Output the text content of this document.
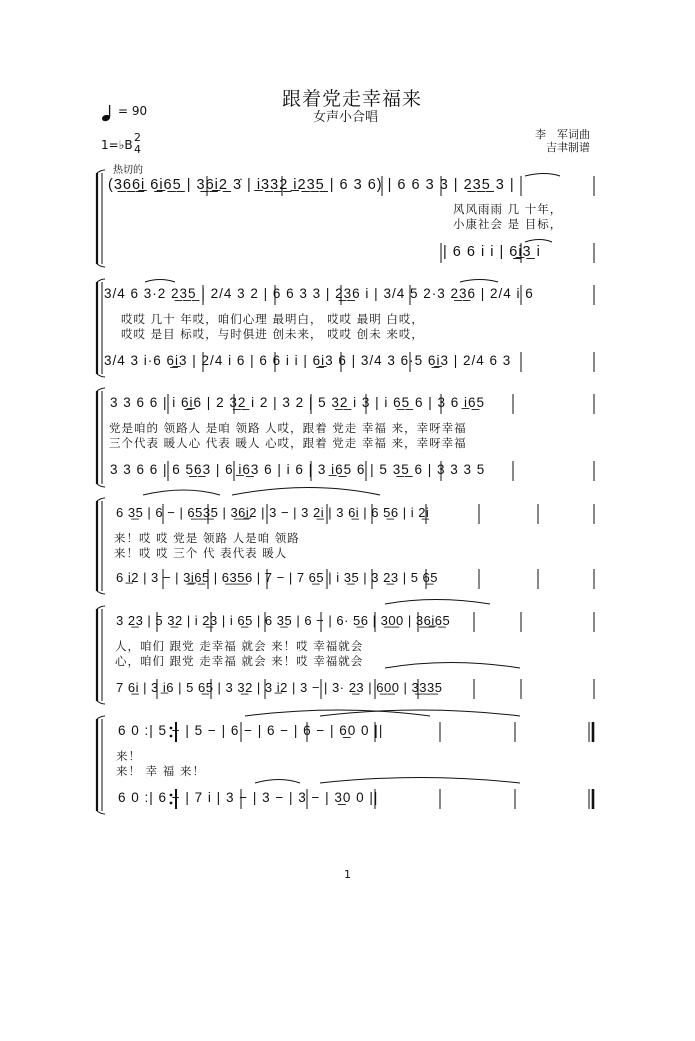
跟着党走幸福来
女声小合唱
= 90
1=♭B
2
4
李　军词曲
吉聿制谱
热切的
(3̲6̲6̲i̲ 6̲i̲6̲5̲ | 3̲6̲i̲2̲ 3̇ | i̲3̲3̲2̲ i̲2̲3̲5̲ | 6 3 6) | 6 6 3 3 | 2̲3̲5̲ 3 |
风风雨雨 几 十年，
小康社会 是 目标，
| 6 6 i i | 6̲i̲3̲ i
3/4 6 3·2 2̲3̲5̲ | 2/4 3 2 | 6 6 3 3 | 2̲3̲6 i | 3/4 5 2·3 2̲3̲6 | 2/4 i 6
哎哎 几十 年哎，咱们心理 最明白， 哎哎 最明 白哎，
哎哎 是目 标哎，与时俱进 创未来， 哎哎 创未 来哎，
3/4 3 i·6 6̲i̲3 | 2/4 i 6 | 6 6 i i | 6̲i̲3 6 | 3/4 3 6·5 6̲i̲3 | 2/4 6 3
3 3 6 6 | i 6̲i̲6 | 2 3̲2̲ i 2 | 3 2 | 5 3̲2̲ i 3 | i 6̲5̲ 6 | 3 6 i̲6̲5
党是咱的 领路人 是咱 领路 人哎，跟着 党走 幸福 来，幸呀幸福
三个代表 暖人心 代表 暖人 心哎，跟着 党走 幸福 来，幸呀幸福
3 3 6 6 | 6 5̲6̲3 | 6 i̲6̲3 6 | i 6 | 3 i̲6̲5 6 | 5 3̲5̲ 6 | 3 3 3 5
6 3̲5 | 6 − | 6̲5̲3̲5 | 3̲6̲i̲2 | 3 − | 3 2̲i | 3 6̲i | 6 5̲6 | i 2̲i
来！哎 哎 党是 领路 人是咱 领路
来！哎 哎 三个 代 表代表 暖人
6 i̲2 | 3 − | 3̲i̲6̲5 | 6̲3̲5̲6 | 7 − | 7 6̲5 | i 3̲5 | 3 2̲3 | 5 6̲5
3 2̲3 | 5 3̲2 | i 2̲3 | i 6̲5 | 6 3̲5 | 6 − | 6· 5̲6 | 3̲0̲0 | 3̲6̲i̲6̲5
人，咱们 跟党 走幸福 就会 来！哎 幸福就会
心，咱们 跟党 走幸福 就会 来！哎 幸福就会
7 6̲i | 3 i̲6 | 5 6̲5 | 3 3̲2 | 3 i̲2 | 3 − | 3· 2̲3 | 6̲0̲0 | 3̲3̲3̲5
6 0 :| 5 − | 5 − | 6 − | 6 − | 6 − | 6̲0 0 ||
来！
来！ 幸 福 来！
6 0 :| 6 − | 7 i | 3 − | 3 − | 3 − | 3̲0 0 ||
1
